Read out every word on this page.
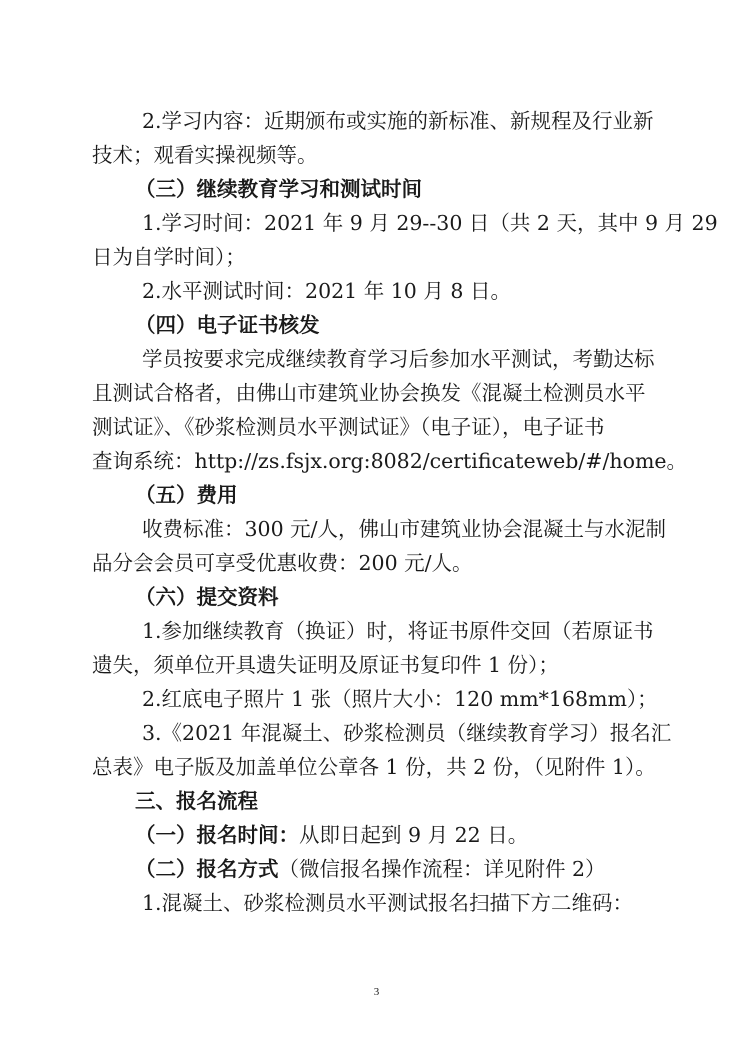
2.学习内容：近期颁布或实施的新标准、新规程及行业新

技术；观看实操视频等。

（三）继续教育学习和测试时间

1.学习时间：2021 年 9 月 29--30 日（共 2 天，其中 9 月 29

日为自学时间）；

2.水平测试时间：2021 年 10 月 8 日。

（四）电子证书核发

学员按要求完成继续教育学习后参加水平测试，考勤达标

且测试合格者，由佛山市建筑业协会换发《混凝土检测员水平

测试证》、《砂浆检测员水平测试证》（电子证），电子证书

查询系统：http://zs.fsjx.org:8082/certificateweb/#/home。

（五）费用

收费标准：300 元/人，佛山市建筑业协会混凝土与水泥制

品分会会员可享受优惠收费：200 元/人。

（六）提交资料

1.参加继续教育（换证）时，将证书原件交回（若原证书

遗失，须单位开具遗失证明及原证书复印件 1 份）；

2.红底电子照片 1 张（照片大小：120 mm*168mm）；

3.《2021 年混凝土、砂浆检测员（继续教育学习）报名汇

总表》电子版及加盖单位公章各 1 份，共 2 份，（见附件 1）。

三、报名流程

（一）报名时间：从即日起到 9 月 22 日。

（二）报名方式（微信报名操作流程：详见附件 2）

1.混凝土、砂浆检测员水平测试报名扫描下方二维码：

3
